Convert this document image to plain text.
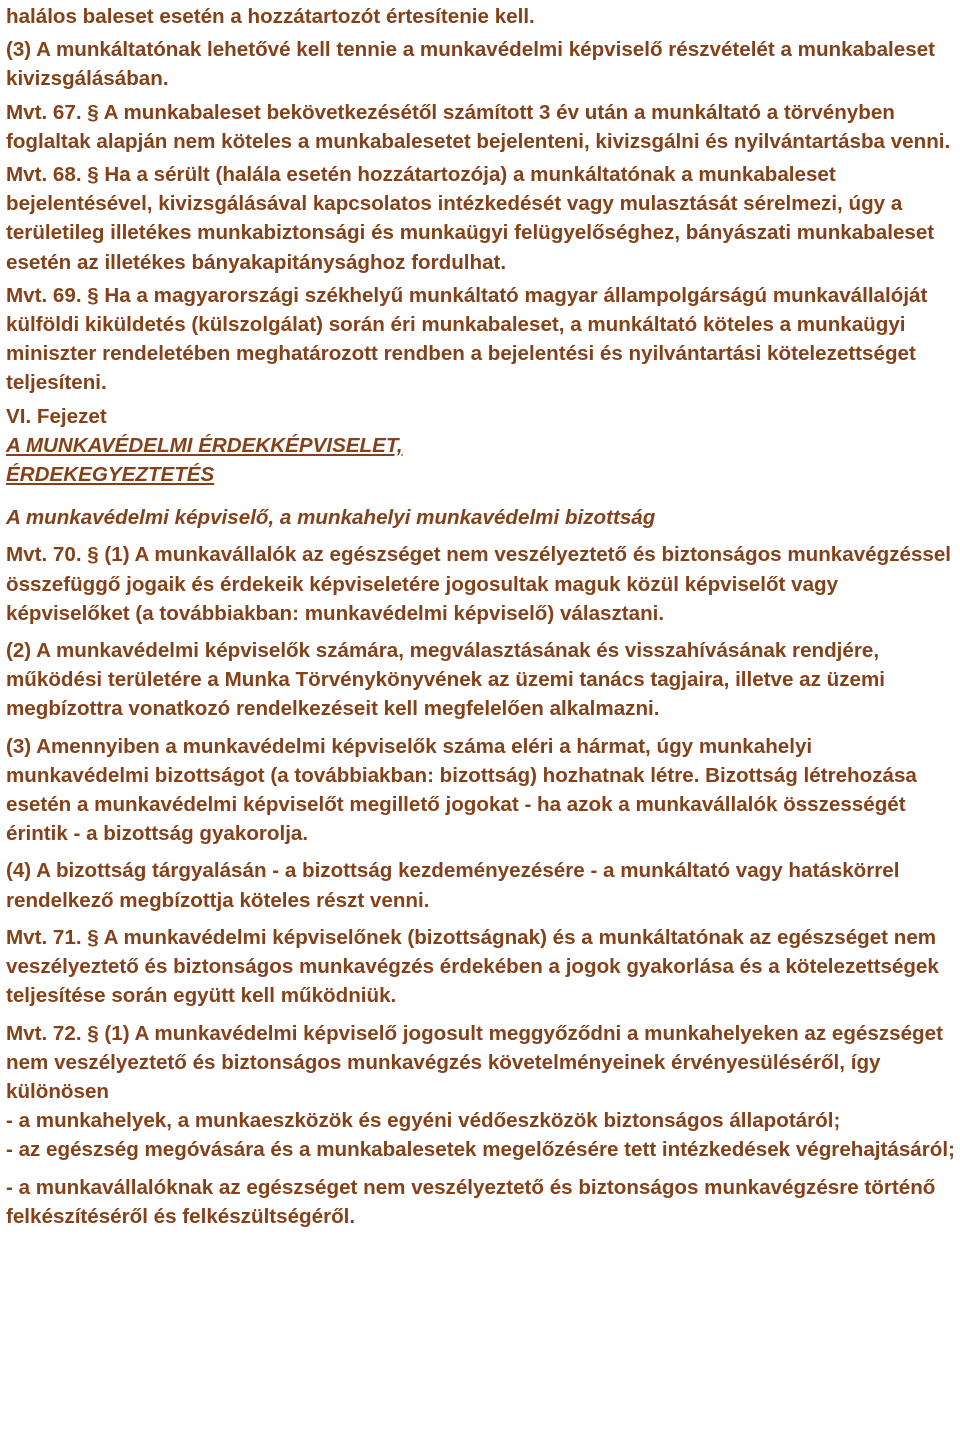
halálos baleset esetén a hozzátartozót értesítenie kell.

(3) A munkáltatónak lehetővé kell tennie a munkavédelmi képviselő részvételét a munkabaleset kivizsgálásában.

Mvt. 67. § A munkabaleset bekövetkezésétől számított 3 év után a munkáltató a törvényben foglaltak alapján nem köteles a munkabalesetet bejelenteni, kivizsgálni és nyilvántartásba venni.

Mvt. 68. § Ha a sérült (halála esetén hozzátartozója) a munkáltatónak a munkabaleset bejelentésével, kivizsgálásával kapcsolatos intézkedését vagy mulasztását sérelmezi, úgy a területileg illetékes munkabiztonsági és munkaügyi felügyelőséghez, bányászati munkabaleset esetén az illetékes bányakapitánysághoz fordulhat.

Mvt. 69. § Ha a magyarországi székhelyű munkáltató magyar állampolgárságú munkavállalóját külföldi kiküldetés (külszolgálat) során éri munkabaleset, a munkáltató köteles a munkaügyi miniszter rendeletében meghatározott rendben a bejelentési és nyilvántartási kötelezettséget teljesíteni.

VI. Fejezet

A MUNKAVÉDELMI ÉRDEKKÉPVISELET,

ÉRDEKEGYEZTETÉS

A munkavédelmi képviselő, a munkahelyi munkavédelmi bizottság

Mvt. 70. § (1) A munkavállalók az egészséget nem veszélyeztető és biztonságos munkavégzéssel összefüggő jogaik és érdekeik képviseletére jogosultak maguk közül képviselőt vagy képviselőket (a továbbiakban: munkavédelmi képviselő) választani.

(2) A munkavédelmi képviselők számára, megválasztásának és visszahívásának rendjére, működési területére a Munka Törvénykönyvének az üzemi tanács tagjaira, illetve az üzemi megbízottra vonatkozó rendelkezéseit kell megfelelően alkalmazni.

(3) Amennyiben a munkavédelmi képviselők száma eléri a hármat, úgy munkahelyi munkavédelmi bizottságot (a továbbiakban: bizottság) hozhatnak létre. Bizottság létrehozása esetén a munkavédelmi képviselőt megillető jogokat - ha azok a munkavállalók összességét érintik - a bizottság gyakorolja.

(4) A bizottság tárgyalásán - a bizottság kezdeményezésére - a munkáltató vagy hatáskörrel rendelkező megbízottja köteles részt venni.

Mvt. 71. § A munkavédelmi képviselőnek (bizottságnak) és a munkáltatónak az egészséget nem veszélyeztető és biztonságos munkavégzés érdekében a jogok gyakorlása és a kötelezettségek teljesítése során együtt kell működniük.

Mvt. 72. § (1) A munkavédelmi képviselő jogosult meggyőződni a munkahelyeken az egészséget nem veszélyeztető és biztonságos munkavégzés követelményeinek érvényesüléséről, így különösen

- a munkahelyek, a munkaeszközök és egyéni védőeszközök biztonságos állapotáról;

- az egészség megóvására és a munkabalesetek megelőzésére tett intézkedések végrehajtásáról;

- a munkavállalóknak az egészséget nem veszélyeztető és biztonságos munkavégzésre történő felkészítéséről és felkészültségéről.
